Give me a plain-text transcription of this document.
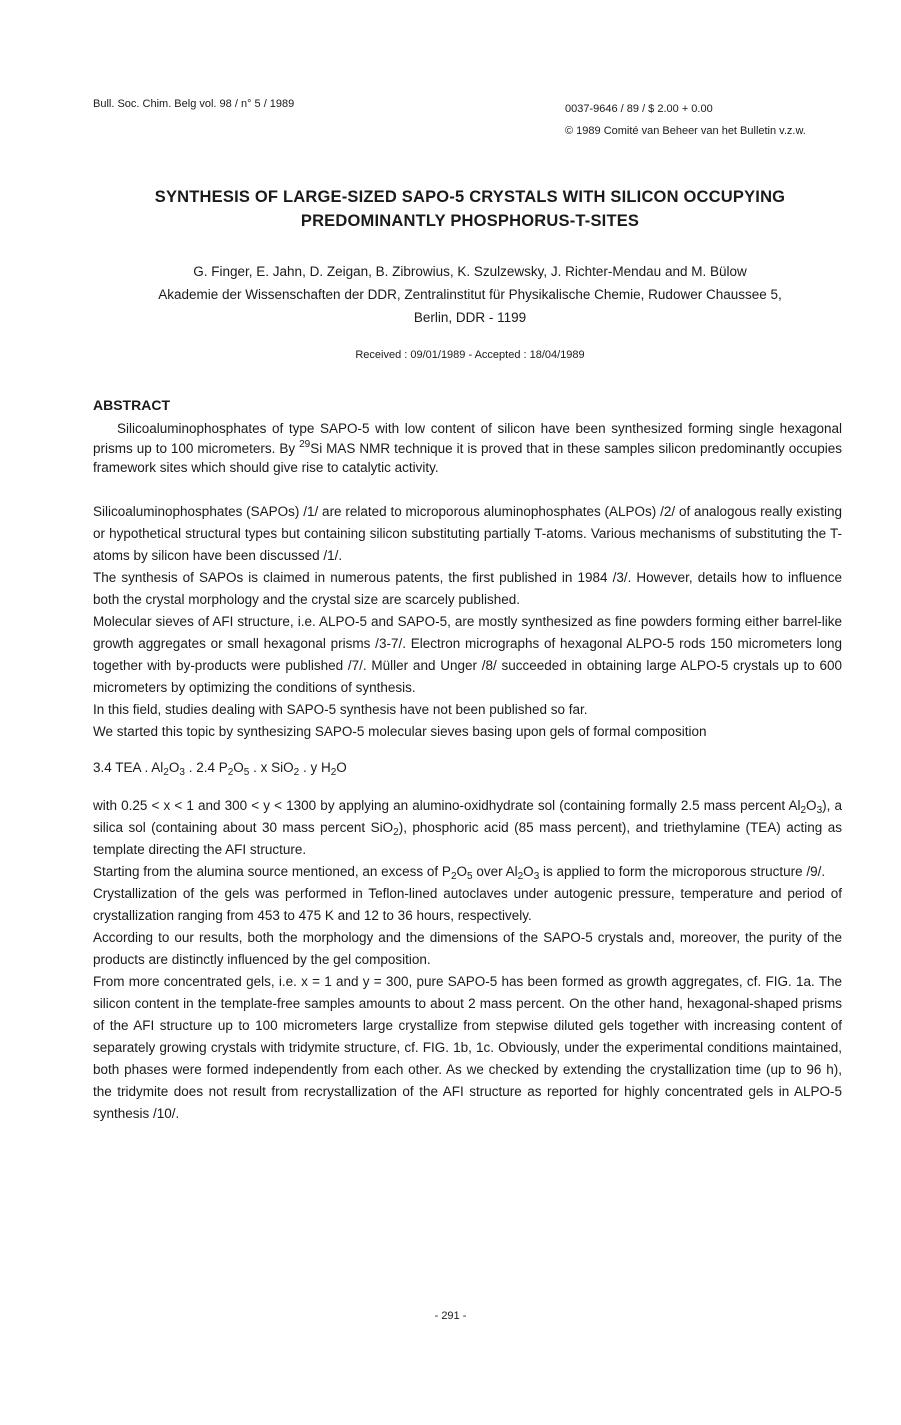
Bull. Soc. Chim. Belg vol. 98 / n° 5 / 1989	0037-9646 / 89 / $ 2.00 + 0.00
© 1989 Comité van Beheer van het Bulletin v.z.w.
SYNTHESIS OF LARGE-SIZED SAPO-5 CRYSTALS WITH SILICON OCCUPYING
PREDOMINANTLY PHOSPHORUS-T-SITES
G. Finger, E. Jahn, D. Zeigan, B. Zibrowius, K. Szulzewsky, J. Richter-Mendau and M. Bülow
Akademie der Wissenschaften der DDR, Zentralinstitut für Physikalische Chemie, Rudower Chaussee 5,
Berlin, DDR - 1199
Received : 09/01/1989 - Accepted : 18/04/1989
ABSTRACT
Silicoaluminophosphates of type SAPO-5 with low content of silicon have been synthesized forming single hexagonal prisms up to 100 micrometers. By $^{29}$Si MAS NMR technique it is proved that in these samples silicon predominantly occupies framework sites which should give rise to catalytic activity.

Silicoaluminophosphates (SAPOs) /1/ are related to microporous aluminophosphates (ALPOs) /2/ of analogous really existing or hypothetical structural types but containing silicon substituting partially T-atoms. Various mechanisms of substituting the T-atoms by silicon have been discussed /1/.

The synthesis of SAPOs is claimed in numerous patents, the first published in 1984 /3/. However, details how to influence both the crystal morphology and the crystal size are scarcely published.

Molecular sieves of AFI structure, i.e. ALPO-5 and SAPO-5, are mostly synthesized as fine powders forming either barrel-like growth aggregates or small hexagonal prisms /3-7/. Electron micrographs of hexagonal ALPO-5 rods 150 micrometers long together with by-products were published /7/. Müller and Unger /8/ succeeded in obtaining large ALPO-5 crystals up to 600 micrometers by optimizing the conditions of synthesis.

In this field, studies dealing with SAPO-5 synthesis have not been published so far.

We started this topic by synthesizing SAPO-5 molecular sieves basing upon gels of formal composition

3.4 TEA . $Al_2O_3$ . 2.4 $P_2O_5$ . x SiO$_2$ . y $H_2O$

with 0.25 < x < 1 and 300 < y < 1300 by applying an alumino-oxidhydrate sol (containing formally 2.5 mass percent $Al_2O_3$), a silica sol (containing about 30 mass percent SiO$_2$), phosphoric acid (85 mass percent), and triethylamine (TEA) acting as template directing the AFI structure.

Starting from the alumina source mentioned, an excess of $P_2O_5$ over $Al_2O_3$ is applied to form the microporous structure /9/.

Crystallization of the gels was performed in Teflon-lined autoclaves under autogenic pressure, temperature and period of crystallization ranging from 453 to 475 K and 12 to 36 hours, respectively.

According to our results, both the morphology and the dimensions of the SAPO-5 crystals and, moreover, the purity of the products are distinctly influenced by the gel composition.

From more concentrated gels, i.e. x = 1 and y = 300, pure SAPO-5 has been formed as growth aggregates, cf. FIG. 1a. The silicon content in the template-free samples amounts to about 2 mass percent. On the other hand, hexagonal-shaped prisms of the AFI structure up to 100 micrometers large crystallize from stepwise diluted gels together with increasing content of separately growing crystals with tridymite structure, cf. FIG. 1b, 1c. Obviously, under the experimental conditions maintained, both phases were formed independently from each other. As we checked by extending the crystallization time (up to 96 h), the tridymite does not result from recrystallization of the AFI structure as reported for highly concentrated gels in ALPO-5 synthesis /10/.

- 291 -
